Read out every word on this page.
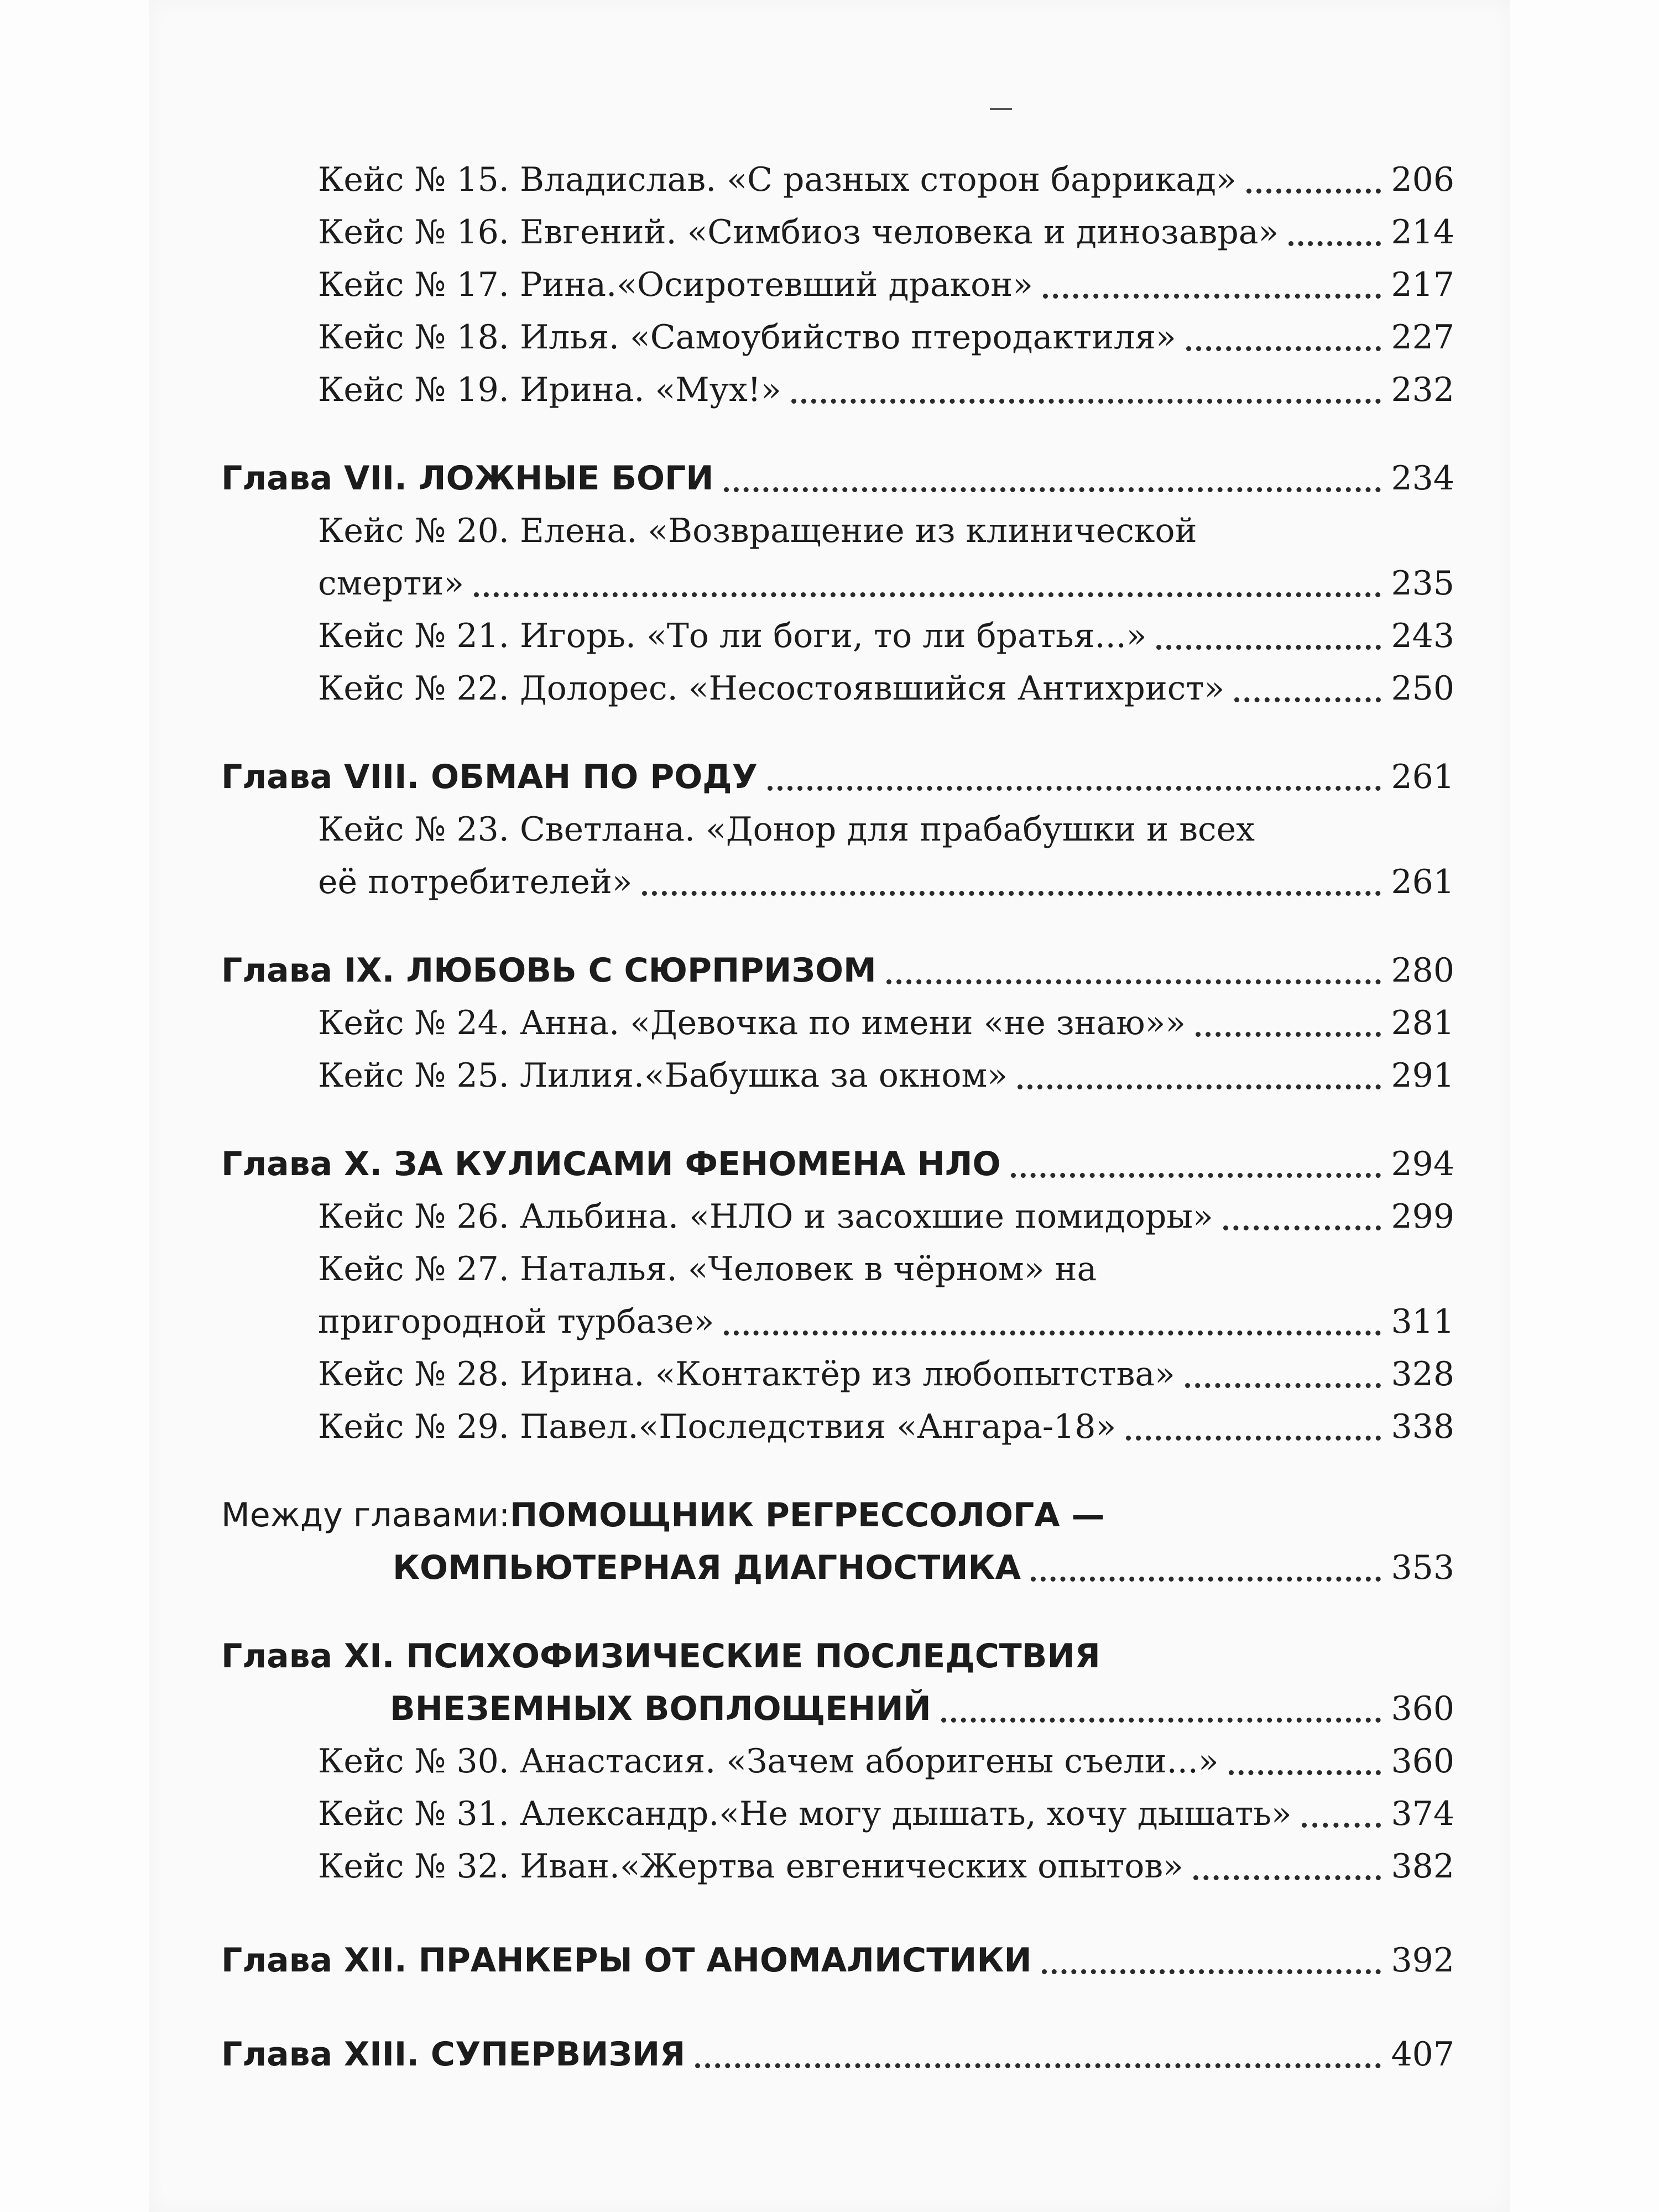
Кейс № 15. Владислав. «С разных сторон баррикад»	206
Кейс № 16. Евгений. «Симбиоз человека и динозавра»	214
Кейс № 17. Рина.«Осиротевший дракон»	217
Кейс № 18. Илья. «Самоубийство птеродактиля»	227
Кейс № 19. Ирина. «Мух!»	232
Глава VII. ЛОЖНЫЕ БОГИ	234
Кейс № 20. Елена. «Возвращение из клинической
смерти»	235
Кейс № 21. Игорь. «То ли боги, то ли братья...»	243
Кейс № 22. Долорес. «Несостоявшийся Антихрист»	250
Глава VIII. ОБМАН ПО РОДУ	261
Кейс № 23. Светлана. «Донор для прабабушки и всех
её потребителей»	261
Глава IX. ЛЮБОВЬ С СЮРПРИЗОМ	280
Кейс № 24. Анна. «Девочка по имени «не знаю»»	281
Кейс № 25. Лилия.«Бабушка за окном»	291
Глава X. ЗА КУЛИСАМИ ФЕНОМЕНА НЛО	294
Кейс № 26. Альбина. «НЛО и засохшие помидоры»	299
Кейс № 27. Наталья. «Человек в чёрном» на
пригородной турбазе»	311
Кейс № 28. Ирина. «Контактёр из любопытства»	328
Кейс № 29. Павел.«Последствия «Ангара-18»	338
Между главами: ПОМОЩНИК РЕГРЕССОЛОГА —
КОМПЬЮТЕРНАЯ ДИАГНОСТИКА	353
Глава XI. ПСИХОФИЗИЧЕСКИЕ ПОСЛЕДСТВИЯ
ВНЕЗЕМНЫХ ВОПЛОЩЕНИЙ	360
Кейс № 30. Анастасия. «Зачем аборигены съели...»	360
Кейс № 31. Александр.«Не могу дышать, хочу дышать»	374
Кейс № 32. Иван.«Жертва евгенических опытов»	382
Глава XII. ПРАНКЕРЫ ОТ АНОМАЛИСТИКИ	392
Глава XIII. СУПЕРВИЗИЯ	407
